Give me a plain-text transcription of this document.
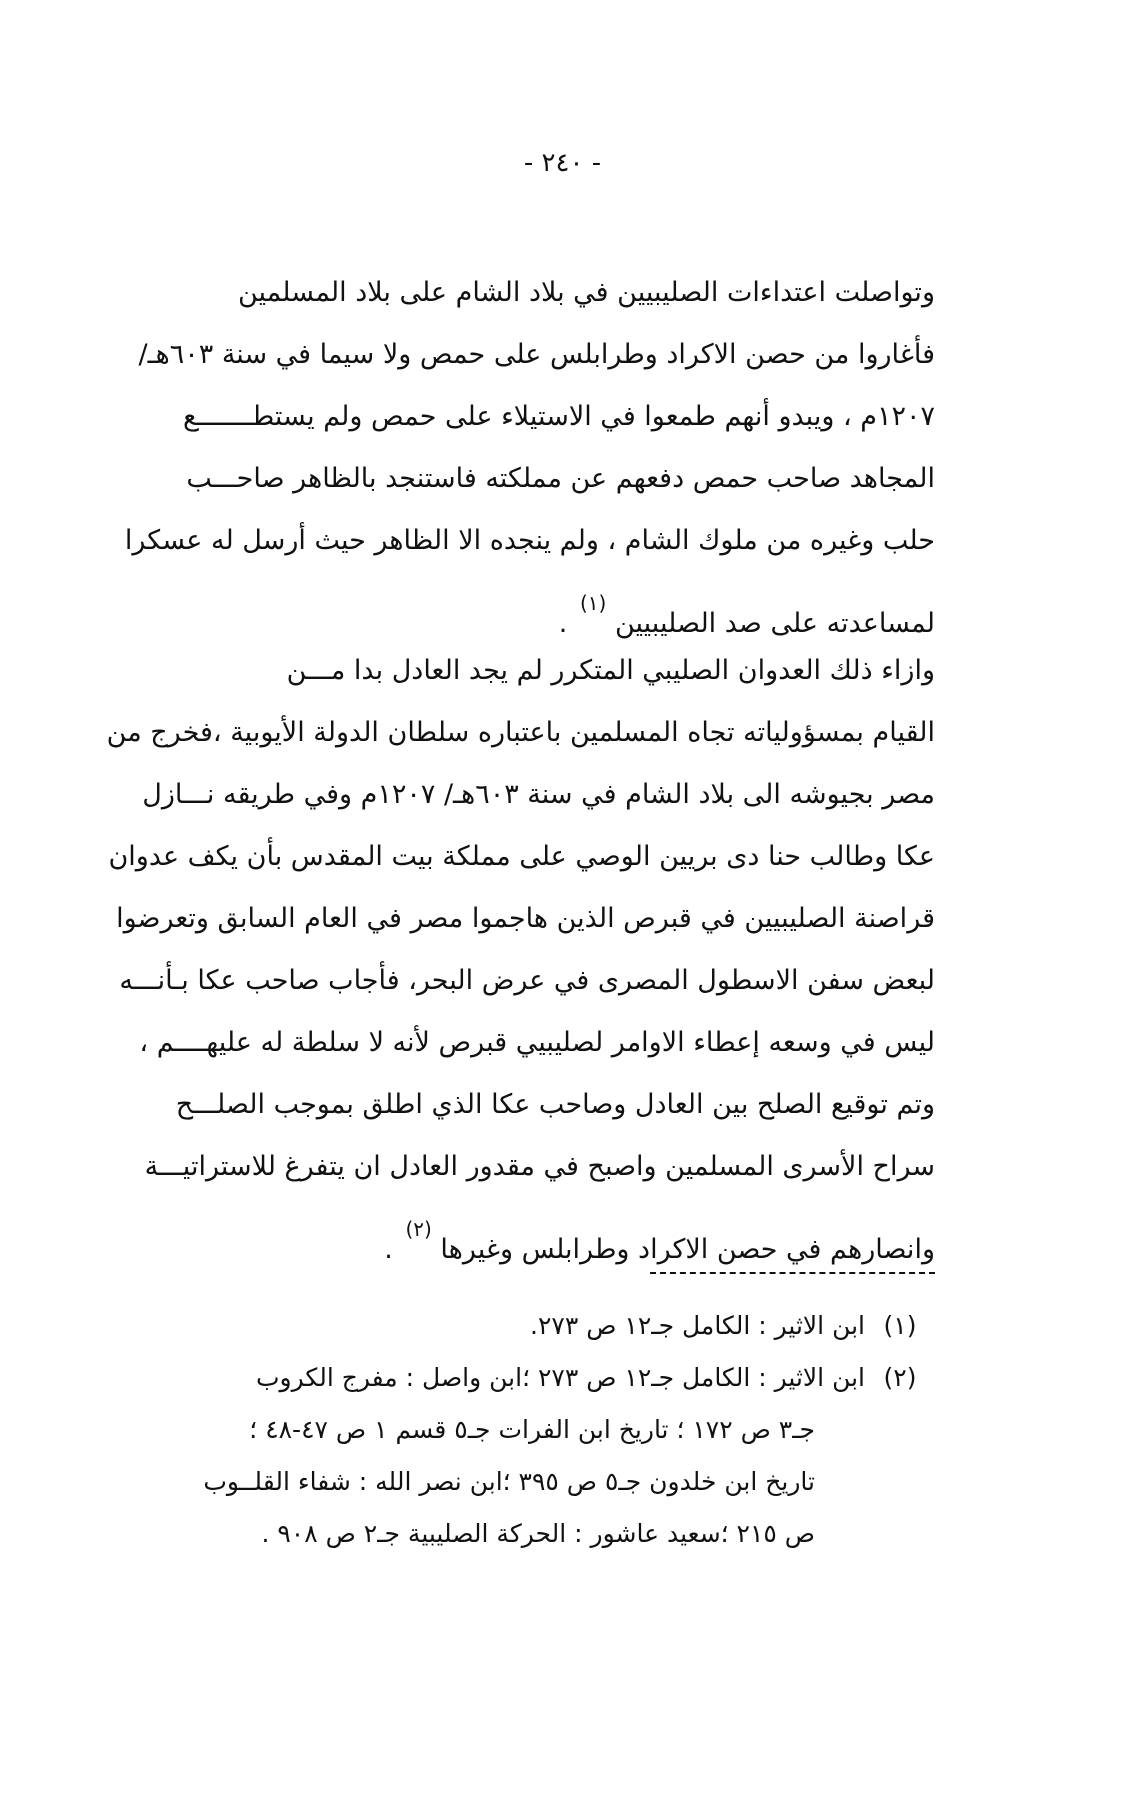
- ٢٤٠ -
وتواصلت اعتداءات الصليبيين في بلاد الشام على بلاد المسلمين
فأغاروا من حصن الاكراد وطرابلس على حمص ولا سيما في سنة ٦٠٣هـ/
١٢٠٧م ، ويبدو أنهم طمعوا في الاستيلاء على حمص ولم يستطـــــــع
المجاهد صاحب حمص دفعهم عن مملكته فاستنجد بالظاهر صاحـــب
حلب وغيره من ملوك الشام ، ولم ينجده الا الظاهر حيث أرسل له عسكرا
لمساعدته على صد الصليبيين $^{(١)}$ .
وازاء ذلك العدوان الصليبي المتكرر لم يجد العادل بدا مـــن
القيام بمسؤولياته تجاه المسلمين باعتباره سلطان الدولة الأيوبية ،فخرج من
مصر بجيوشه الى بلاد الشام في سنة ٦٠٣هـ/ ١٢٠٧م وفي طريقه نـــازل
عكا وطالب حنا دى بريين الوصي على مملكة بيت المقدس بأن يكف عدوان
قراصنة الصليبيين في قبرص الذين هاجموا مصر في العام السابق وتعرضوا
لبعض سفن الاسطول المصرى في عرض البحر، فأجاب صاحب عكا بـأنـــه
ليس في وسعه إعطاء الاوامر لصليبيي قبرص لأنه لا سلطة له عليهــــم ،
وتم توقيع الصلح بين العادل وصاحب عكا الذي اطلق بموجب الصلـــح
سراح الأسرى المسلمين واصبح في مقدور العادل ان يتفرغ للاستراتيـــة
وانصارهم في حصن الاكراد وطرابلس وغيرها $^{(٢)}$ .
(١)
ابن الاثير : الكامل جـ١٢ ص ٢٧٣.
(٢)
ابن الاثير : الكامل جـ١٢ ص ٢٧٣ ؛ابن واصل : مفرج الكروب
جـ٣ ص ١٧٢ ؛ تاريخ ابن الفرات جـ٥ قسم ١ ص ٤٧-٤٨ ؛
تاريخ ابن خلدون جـ٥ ص ٣٩٥ ؛ابن نصر الله : شفاء القلــوب
ص ٢١٥ ؛سعيد عاشور : الحركة الصليبية جـ٢ ص ٩٠٨ .
